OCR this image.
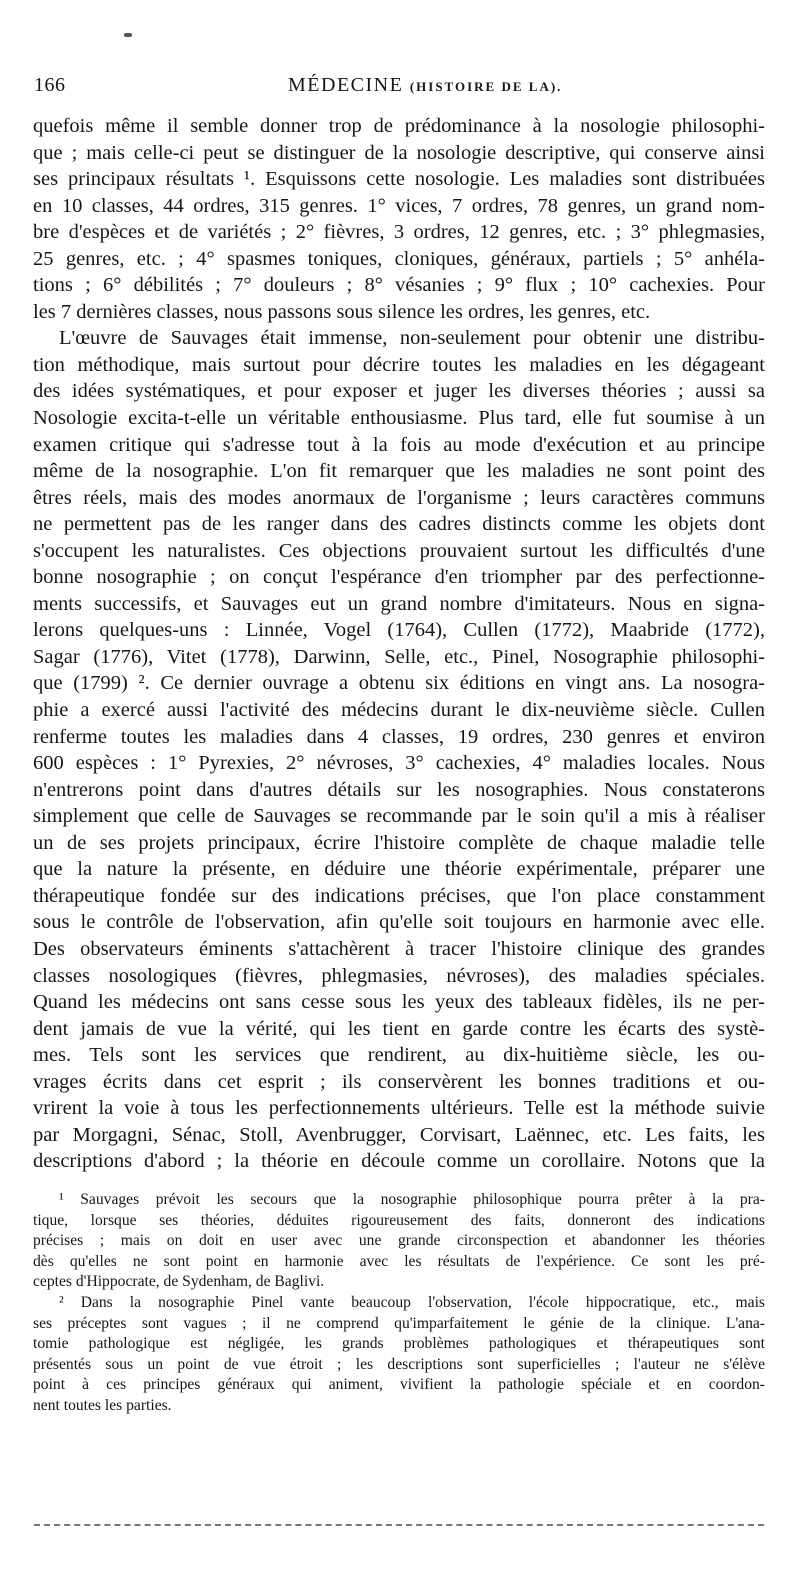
166	MÉDECINE (HISTOIRE DE LA).
quefois même il semble donner trop de prédominance à la nosologie philosophi-
que ; mais celle-ci peut se distinguer de la nosologie descriptive, qui conserve ainsi
ses principaux résultats ¹. Esquissons cette nosologie. Les maladies sont distribuées
en 10 classes, 44 ordres, 315 genres. 1° vices, 7 ordres, 78 genres, un grand nom-
bre d'espèces et de variétés ; 2° fièvres, 3 ordres, 12 genres, etc. ; 3° phlegmasies,
25 genres, etc. ; 4° spasmes toniques, cloniques, généraux, partiels ; 5° anhéla-
tions ; 6° débilités ; 7° douleurs ; 8° vésanies ; 9° flux ; 10° cachexies. Pour
les 7 dernières classes, nous passons sous silence les ordres, les genres, etc.
L'œuvre de Sauvages était immense, non-seulement pour obtenir une distribu-
tion méthodique, mais surtout pour décrire toutes les maladies en les dégageant
des idées systématiques, et pour exposer et juger les diverses théories ; aussi sa
Nosologie excita-t-elle un véritable enthousiasme. Plus tard, elle fut soumise à un
examen critique qui s'adresse tout à la fois au mode d'exécution et au principe
même de la nosographie. L'on fit remarquer que les maladies ne sont point des
êtres réels, mais des modes anormaux de l'organisme ; leurs caractères communs
ne permettent pas de les ranger dans des cadres distincts comme les objets dont
s'occupent les naturalistes. Ces objections prouvaient surtout les difficultés d'une
bonne nosographie ; on conçut l'espérance d'en triompher par des perfectionne-
ments successifs, et Sauvages eut un grand nombre d'imitateurs. Nous en signa-
lerons quelques-uns : Linnée, Vogel (1764), Cullen (1772), Maabride (1772),
Sagar (1776), Vitet (1778), Darwinn, Selle, etc., Pinel, Nosographie philosophi-
que (1799) ². Ce dernier ouvrage a obtenu six éditions en vingt ans. La nosogra-
phie a exercé aussi l'activité des médecins durant le dix-neuvième siècle. Cullen
renferme toutes les maladies dans 4 classes, 19 ordres, 230 genres et environ
600 espèces : 1° Pyrexies, 2° névroses, 3° cachexies, 4° maladies locales. Nous
n'entrerons point dans d'autres détails sur les nosographies. Nous constaterons
simplement que celle de Sauvages se recommande par le soin qu'il a mis à réaliser
un de ses projets principaux, écrire l'histoire complète de chaque maladie telle
que la nature la présente, en déduire une théorie expérimentale, préparer une
thérapeutique fondée sur des indications précises, que l'on place constamment
sous le contrôle de l'observation, afin qu'elle soit toujours en harmonie avec elle.
Des observateurs éminents s'attachèrent à tracer l'histoire clinique des grandes
classes nosologiques (fièvres, phlegmasies, névroses), des maladies spéciales.
Quand les médecins ont sans cesse sous les yeux des tableaux fidèles, ils ne per-
dent jamais de vue la vérité, qui les tient en garde contre les écarts des systè-
mes. Tels sont les services que rendirent, au dix-huitième siècle, les ou-
vrages écrits dans cet esprit ; ils conservèrent les bonnes traditions et ou-
vrirent la voie à tous les perfectionnements ultérieurs. Telle est la méthode suivie
par Morgagni, Sénac, Stoll, Avenbrugger, Corvisart, Laënnec, etc. Les faits, les
descriptions d'abord ; la théorie en découle comme un corollaire. Notons que la
¹ Sauvages prévoit les secours que la nosographie philosophique pourra prêter à la pra-
tique, lorsque ses théories, déduites rigoureusement des faits, donneront des indications
précises ; mais on doit en user avec une grande circonspection et abandonner les théories
dès qu'elles ne sont point en harmonie avec les résultats de l'expérience. Ce sont les pré-
ceptes d'Hippocrate, de Sydenham, de Baglivi.
² Dans la nosographie Pinel vante beaucoup l'observation, l'école hippocratique, etc., mais
ses préceptes sont vagues ; il ne comprend qu'imparfaitement le génie de la clinique. L'ana-
tomie pathologique est négligée, les grands problèmes pathologiques et thérapeutiques sont
présentés sous un point de vue étroit ; les descriptions sont superficielles ; l'auteur ne s'élève
point à ces principes généraux qui animent, vivifient la pathologie spéciale et en coordon-
nent toutes les parties.
